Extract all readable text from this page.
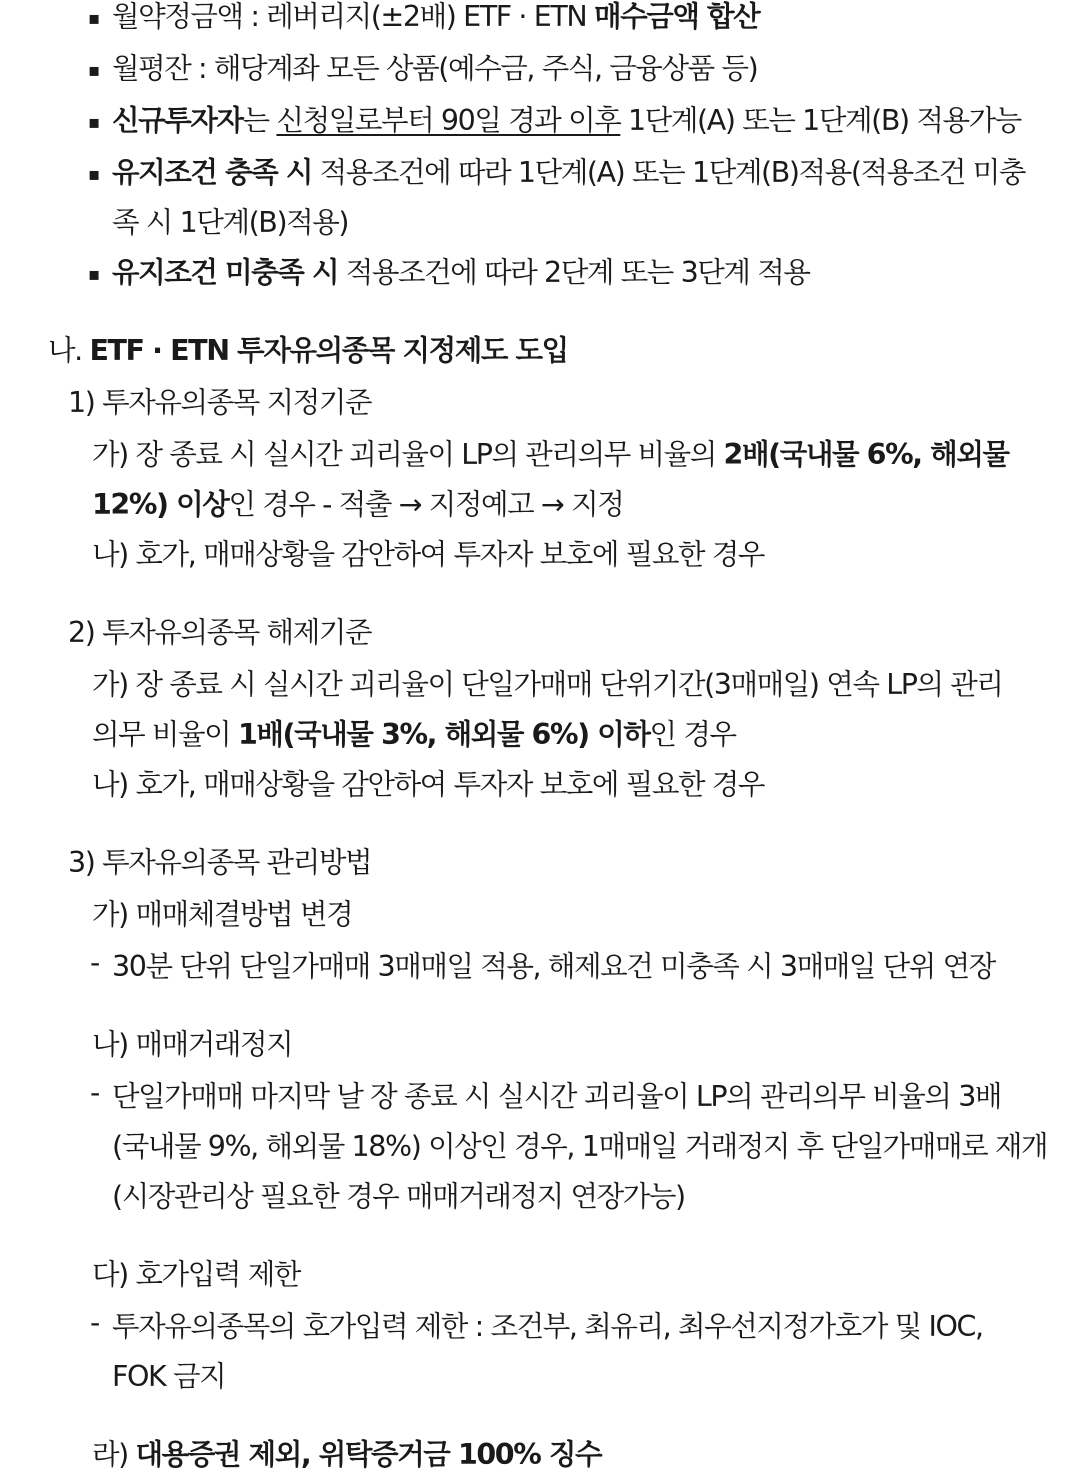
▪ 월약정금액 : 레버리지(±2배) ETF · ETN 매수금액 합산
▪ 월평잔 : 해당계좌 모든 상품(예수금, 주식, 금융상품 등)
▪ 신규투자자는 신청일로부터 90일 경과 이후 1단계(A) 또는 1단계(B) 적용가능
▪ 유지조건 충족 시 적용조건에 따라 1단계(A) 또는 1단계(B)적용(적용조건 미충
족 시 1단계(B)적용)
▪ 유지조건 미충족 시 적용조건에 따라 2단계 또는 3단계 적용
나. ETF · ETN 투자유의종목 지정제도 도입
1) 투자유의종목 지정기준
가) 장 종료 시 실시간 괴리율이 LP의 관리의무 비율의 2배(국내물 6%, 해외물
12%) 이상인 경우 - 적출 → 지정예고 → 지정
나) 호가, 매매상황을 감안하여 투자자 보호에 필요한 경우
2) 투자유의종목 해제기준
가) 장 종료 시 실시간 괴리율이 단일가매매 단위기간(3매매일) 연속 LP의 관리
의무 비율이 1배(국내물 3%, 해외물 6%) 이하인 경우
나) 호가, 매매상황을 감안하여 투자자 보호에 필요한 경우
3) 투자유의종목 관리방법
가) 매매체결방법 변경
- 30분 단위 단일가매매 3매매일 적용, 해제요건 미충족 시 3매매일 단위 연장
나) 매매거래정지
- 단일가매매 마지막 날 장 종료 시 실시간 괴리율이 LP의 관리의무 비율의 3배
(국내물 9%, 해외물 18%) 이상인 경우, 1매매일 거래정지 후 단일가매매로 재개
(시장관리상 필요한 경우 매매거래정지 연장가능)
다) 호가입력 제한
- 투자유의종목의 호가입력 제한 : 조건부, 최유리, 최우선지정가호가 및 IOC,
FOK 금지
라) 대용증권 제외, 위탁증거금 100% 징수
